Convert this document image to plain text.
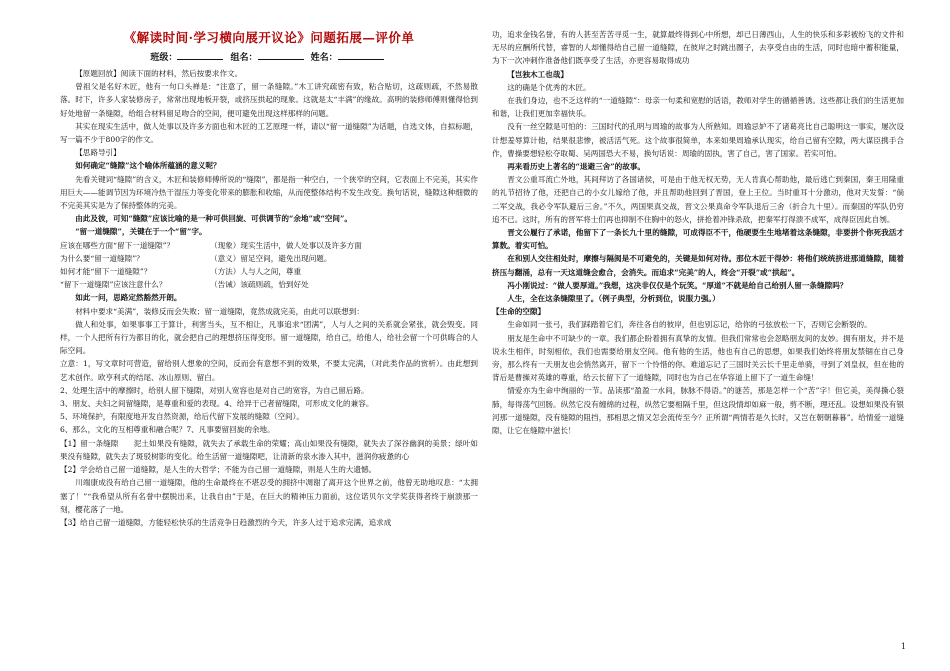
《解读时间·学习横向展开议论》问题拓展—评价单
班级：	组名：	姓名：

【原题回放】阅读下面的材料，然后按要求作文。

曾祖父是名好木匠，他有一句口头禅是：“注意了，留一条缝隙。”木工讲究疏密有致，粘合贴切，这疏则疏，不然易散落。时下，许多人家装修房子，常常出现地板开裂，或挤压拱起的现象。这就是太“丰满”的缘故。高明的装修师傅则懂得恰到好处地留一条缝隙，给组合材料留足吻合的空间，便可避免出现这样那样的问题。

其实在现实生活中，做人处事以及许多方面也和木匠的工艺原理一样，请以“留一道缝隙”为话题，自选文体，自拟标题，写一篇不少于800字的作文。

【思路导引】

如何确定“缝隙”这个喻体所蕴涵的意义呢？

先看关键词“缝隙”的含义，木匠和装修师傅所说的“缝隙”，都是指一种空白，一个狭窄的空间，它表面上不完美，其实作用巨大——能调节因为环境冷热干湿压力等变化带来的膨胀和收缩，从而使整体结构不发生改变。换句话说，缝隙这种细微的不完美其实是为了保持整体的完美。

由此及彼，可知“缝隙”应该比喻的是一种可供回旋、可供调节的“余地”或“空间”。

“留一道缝隙”，关键在于一个“留”字。

应该在哪些方面“留下一道缝隙”？	（现象）现实生活中，做人处事以及许多方面
为什么要“留一道缝隙”？	（意义）留足空间，避免出现问题。
如何才能“留下一道缝隙”？	（方法）人与人之间，尊重
“留下一道缝隙”应该注意什么？	（告诫）该疏则疏，恰到好处

如此一问，思路定然豁然开朗。

材料中要求“美满”，装修反而会失败；留一道缝隙，竟然成就完美，由此可以联想到：

做人和处事，如果事事工于算计，利害当头，互不相让，凡事追求“团满”，人与人之间的关系就会紧张，就会毁变。同样，一个人把所有行为都目的化，就会把自己的理想挤压得变形。留一道缝隙，给自己，给他人，给社会留一个可供晦合的人际空间。

立意：1，写文章时可营造，留给别人想象的空间，反而会有意想不到的效果，不要太完满，（对此类作品的赏析）。由此想到艺术创作。欧亨利式的结尾、冰山原则、留白。

2、处理生活中的摩擦时，给别人留下缝隙，对别人宽容也是对自己的宽容，为自己留后路。

3、朋友、夫妇之间留缝隙，是尊重和爱的表现。4、给异于己者留缝隙，可形成文化的兼容。

5、环境保护，有限度地开发自然资源，给后代留下发展的缝隙（空间）。

6、那么，文化的互相尊重和融合呢？7、凡事要留回旋的余地。

【1】留一条缝隙　　泥土如果没有缝隙，就失去了承载生命的荣耀；高山如果没有缝隙，就失去了深谷幽涧的美景；绿叶如果没有缝隙，就失去了斑驳树影的变化。给生活留一道缝隙吧，让清新的泉水渗入其中，滋润你疲惫的心

【2】学会给自己留一道缝隙，是人生的大哲学；不能为自己留一道缝隙，则是人生的大遗憾。

川端康成没有给自己留一道缝隙，他的生命最终在不堪忍受的拥挤中凋谢了离开这个世界之前，他曾无助地叹息：“太拥塞了！”“我希望从所有名誉中摆脱出来，让我自由”于是，在巨大的精神压力面前，这位诺贝尔文学奖获得者终于崩溃那一刻，樱花落了一地。

【3】给自己留一道缝隙，方能轻松快乐的生活竞争日趋激烈的今天，许多人过于追求完满，追求成

功，追求金钱名誉，有的人甚至苦苦寻觅一生，就算最终得到心中所想，却已日薄西山，人生的快乐和多彩被纷飞的文件和无尽的应酬所代替，睿智的人却懂得给自己留一道缝隙，在彼岸之时跳出圈子，去享受自由的生活，同时也暗中蓄积能量，为下一次冲刺作准备他们既享受了生活，亦更容易取得成功

【岂独木工也哉】

这的确是个优秀的木匠。

在我们身边，也不乏这样的“一道缝隙”：母亲一句柔和宽慰的话语，教师对学生的循循善诱。这些都让我们的生活更加和谐，让我们更加幸福快乐。

没有一丝空隙是可怕的：三国时代的孔明与周瑜的故事为人所熟知。周瑜忌妒不了诸葛亮比自己聪明这一事实，屡次设计想羞辱算计他，结果很悲惨，被活活气死。这个故事很简单，本来如果周瑜承认现实，给自己留有空隙，两大谋臣携手合作，曹操要想轻松夺取蜀、吴两国恐大不易，换句话说：周瑜的固执，害了自己，害了国家。若实可怕。

再来看历史上著名的“退避三舍”的故事。

晋文公重耳流亡外地，其间拜访了各国诸侯，可是由于他无权无势，无人肯真心帮助他，最后逃亡到秦国，秦王用隆重的礼节招待了他，还把自己的小女儿嫁给了他，并且帮助他回到了晋国，登上王位。当时重耳十分激动，他对天发誓：“倘二军交战，我必令军队避后三舍。”不久，两国果真交战，晋文公果真命令军队退后三舍（折合九十里）。而秦国的军队仍穷追不已。这时，所有的晋军将士们再也抑制不住胸中的怒火，拼抢着冲锋杀敌，把秦军打得溃不成军，成得臣因此自刎。

晋文公履行了承诺，他留下了一条长九十里的缝隙，可成得臣不干，他硬要生生地堵着这条缝隙，非要拼个你死我活才算数。着实可怕。

在和别人交往相处时，摩擦与隔阂是不可避免的，关键是如何对待。那位木匠干得妙：将他们统统挤进那道缝隙，随着挤压与翻涌，总有一天这道缝会愈合，会消失。而追求“完美”的人，终会“开裂”或“拱起”。

冯小刚说过：“做人要厚道。”我想，这决非仅仅是个玩笑。“厚道”不就是给自己给别人留一条缝隙吗？

人生，全在这条缝隙里了。（例子典型，分析到位，说服力强。）

【生命的空隙】

生命如同一张弓，我们踩踏着它们，奔往各自的彼岸，但也别忘记，给你的弓弦放松一下，否则它会断裂的。

朋友是生命中不可缺少的一章。我们都企盼着拥有真挚的友情。但我们常常也会忽略朋友间的友妙。拥有朋友，并不是说永生相伴，时刻相依，我们也需要给朋友空间。他有他的生活，他也有自己的思想，如果我们始终将朋友禁锢在自己身旁，那么终有一天朋友也会悄然离开，留下一个怜惜的你。难道忘记了三国时关云长千里走单骑，寻到了刘皇叔，但在他的背后是曹操对英雄的尊重，给云长留下了一道缝隙，同时也为自己在华容道上留下了一道生命缝！

情爱亦为生命中绚丽的一节。品读那“盈盈一水间，脉脉不得语。”的谜苦，那是怎样一个“苦”字！但它美，美得撕心裂肺，每得荡气回肠。纵然它没有缠绵的过程，纵然它要相隔千里，但这段情却如麻一般，剪不断，理还乱。设想如果没有银河那一道缝隙，没有缝隙的阻挡，那相思之情又怎会流传至今？正所谓“两情若是久长时，又岂在朝朝暮暮”。给情爱一道缝隙，让它在缝隙中滋长！

1
